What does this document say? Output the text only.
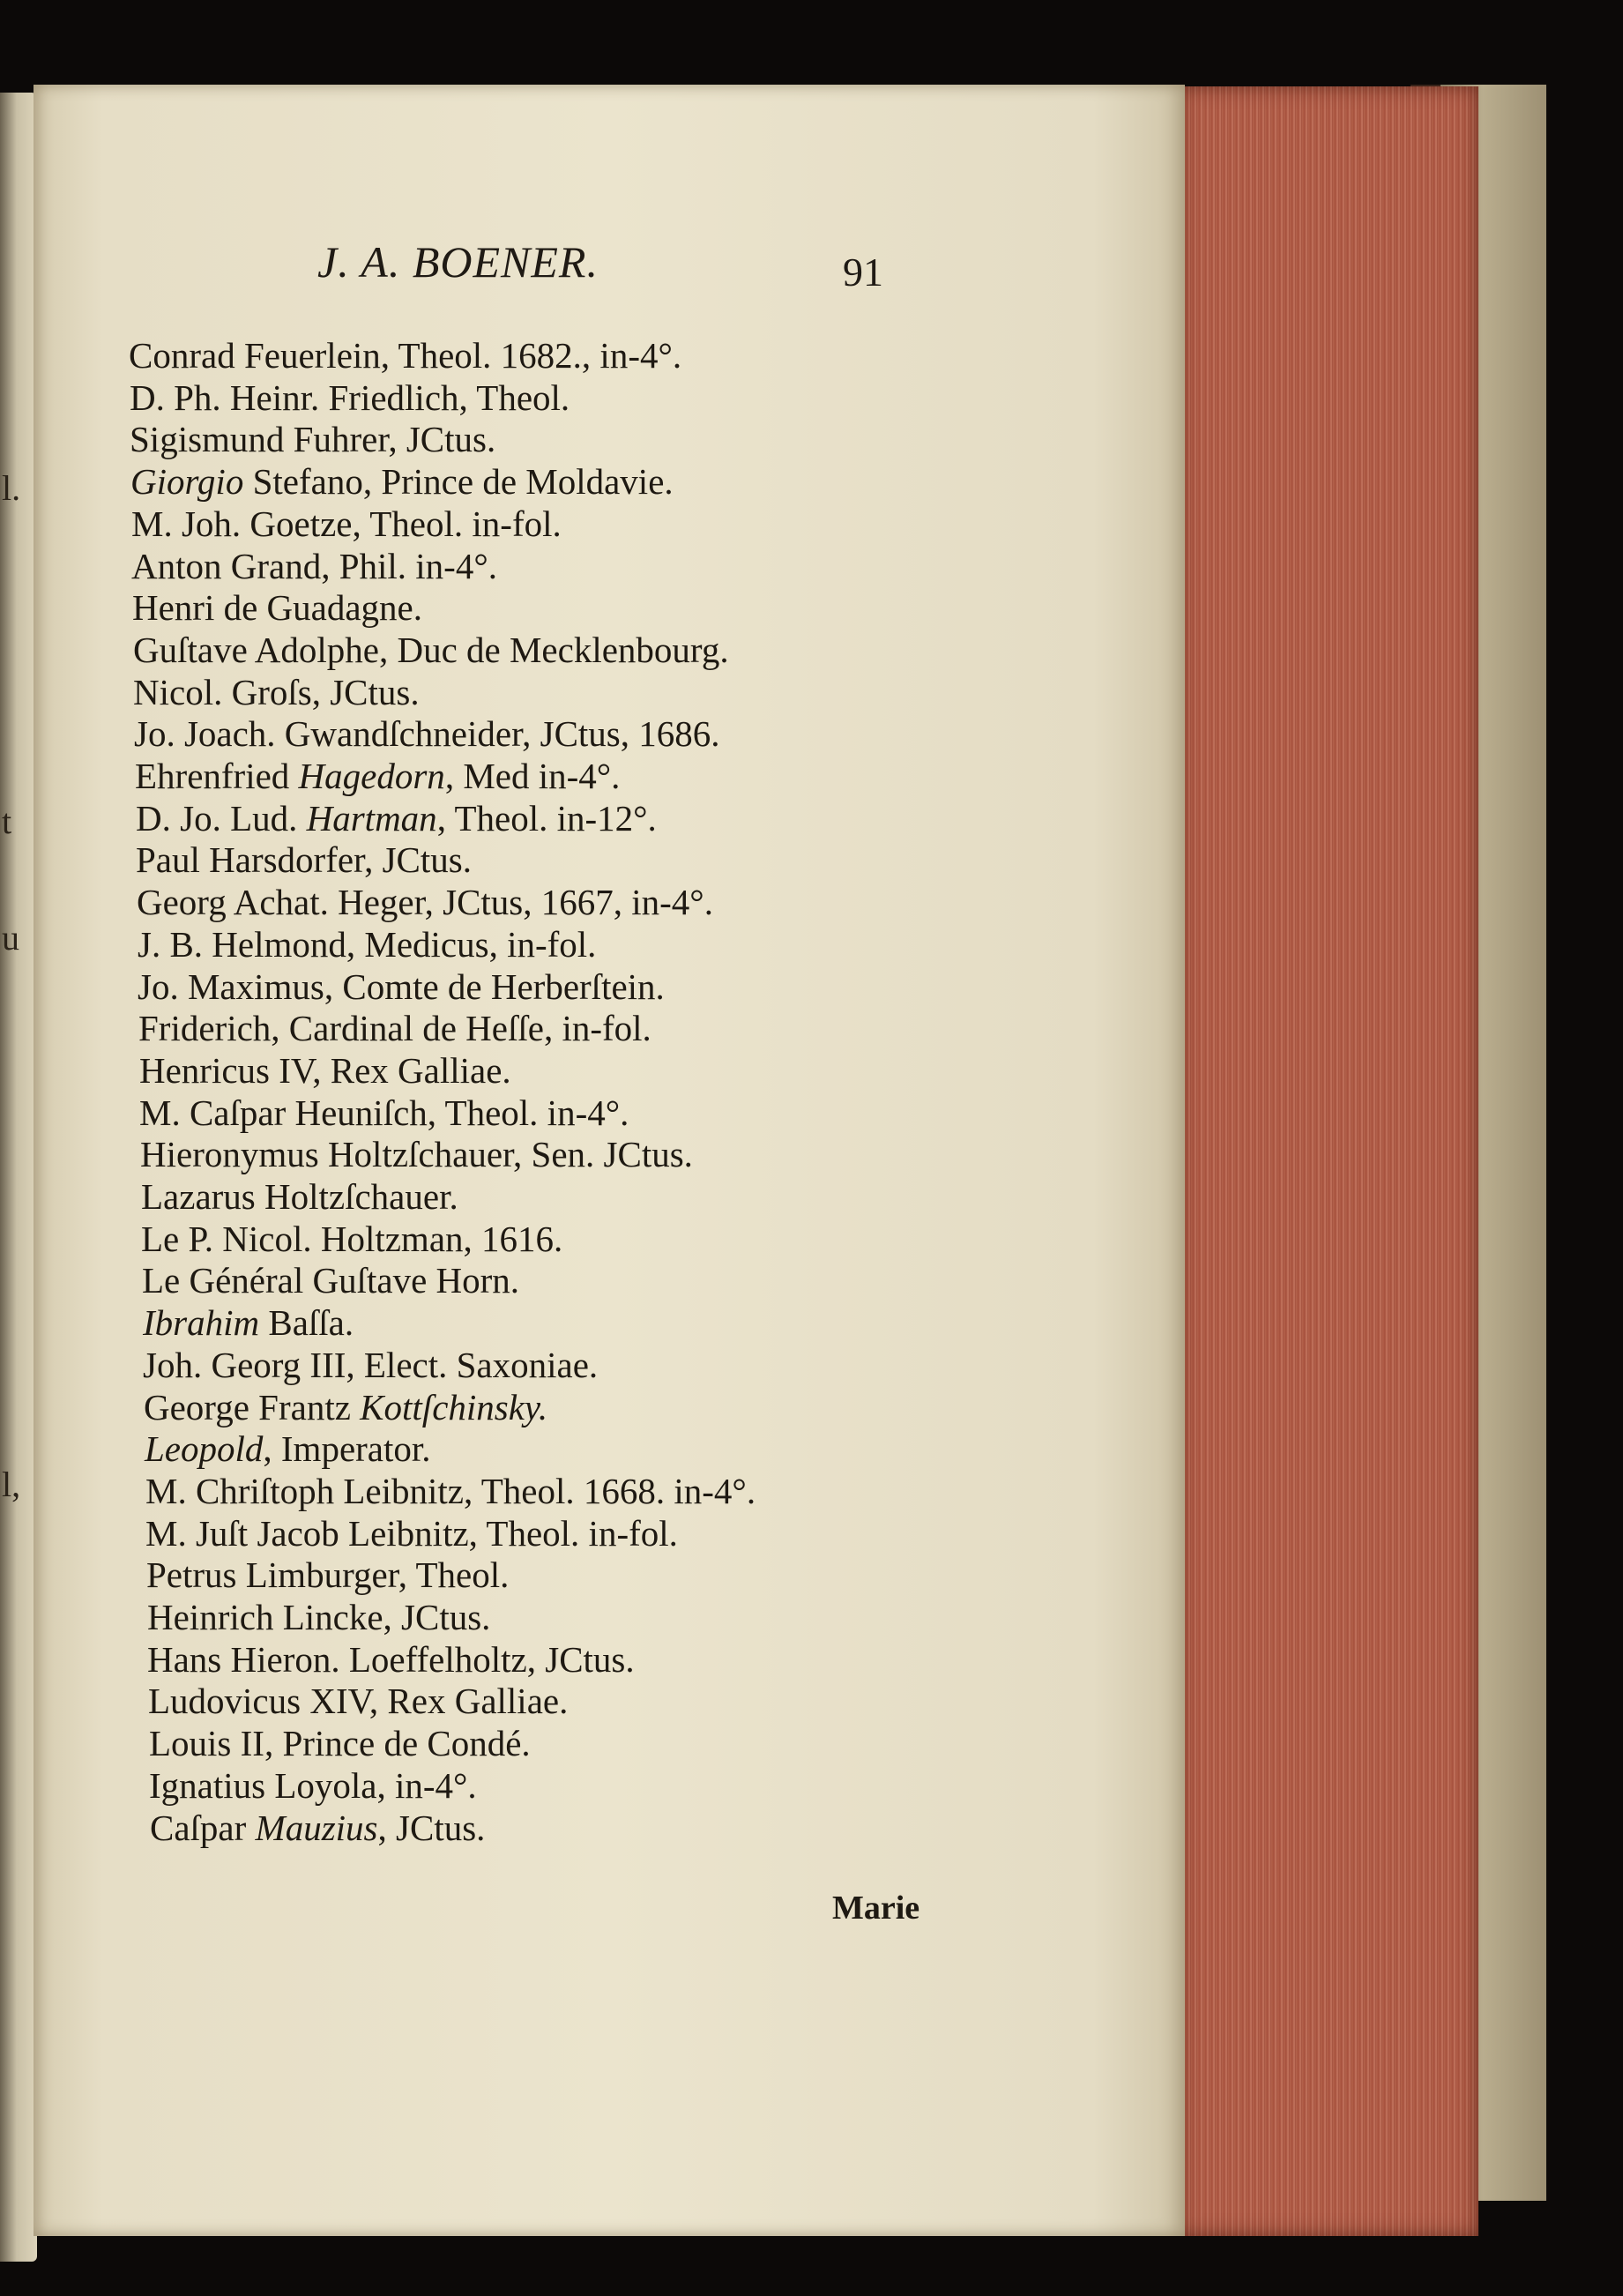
l.
t
u
l,
J. A. BOENER.	91
Conrad Feuerlein, Theol. 1682., in-4°.
D. Ph. Heinr. Friedlich, Theol.
Sigismund Fuhrer, JCtus.
Giorgio Stefano, Prince de Moldavie.
M. Joh. Goetze, Theol. in-fol.
Anton Grand, Phil. in-4°.
Henri de Guadagne.
Guſtave Adolphe, Duc de Mecklenbourg.
Nicol. Groſs, JCtus.
Jo. Joach. Gwandſchneider, JCtus, 1686.
Ehrenfried Hagedorn, Med in-4°.
D. Jo. Lud. Hartman, Theol. in-12°.
Paul Harsdorfer, JCtus.
Georg Achat. Heger, JCtus, 1667, in-4°.
J. B. Helmond, Medicus, in-fol.
Jo. Maximus, Comte de Herberſtein.
Friderich, Cardinal de Heſſe, in-fol.
Henricus IV, Rex Galliae.
M. Caſpar Heuniſch, Theol. in-4°.
Hieronymus Holtzſchauer, Sen. JCtus.
Lazarus Holtzſchauer.
Le P. Nicol. Holtzman, 1616.
Le Général Guſtave Horn.
Ibrahim Baſſa.
Joh. Georg III, Elect. Saxoniae.
George Frantz Kottſchinsky.
Leopold, Imperator.
M. Chriſtoph Leibnitz, Theol. 1668. in-4°.
M. Juſt Jacob Leibnitz, Theol. in-fol.
Petrus Limburger, Theol.
Heinrich Lincke, JCtus.
Hans Hieron. Loeffelholtz, JCtus.
Ludovicus XIV, Rex Galliae.
Louis II, Prince de Condé.
Ignatius Loyola, in-4°.
Caſpar Mauzius, JCtus.
Marie
